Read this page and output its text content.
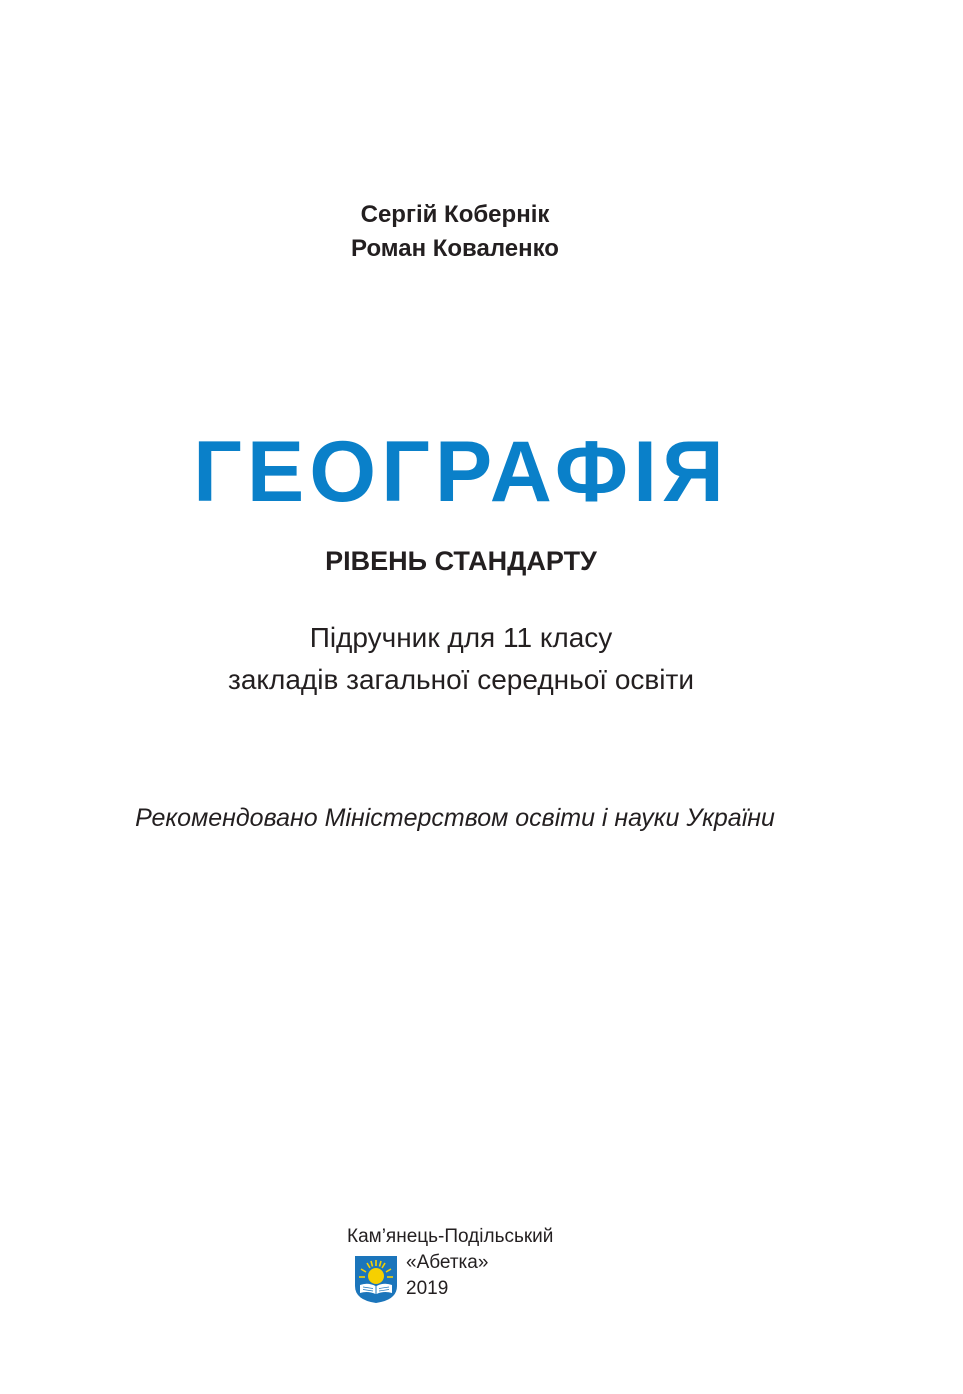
Сергій Кобернік
Роман Коваленко
ГЕОГРАФІЯ
РІВЕНЬ СТАНДАРТУ
Підручник для 11 класу
закладів загальної середньої освіти
Рекомендовано Міністерством освіти і науки України
Кам’янець-Подільський
«Абетка»
2019
